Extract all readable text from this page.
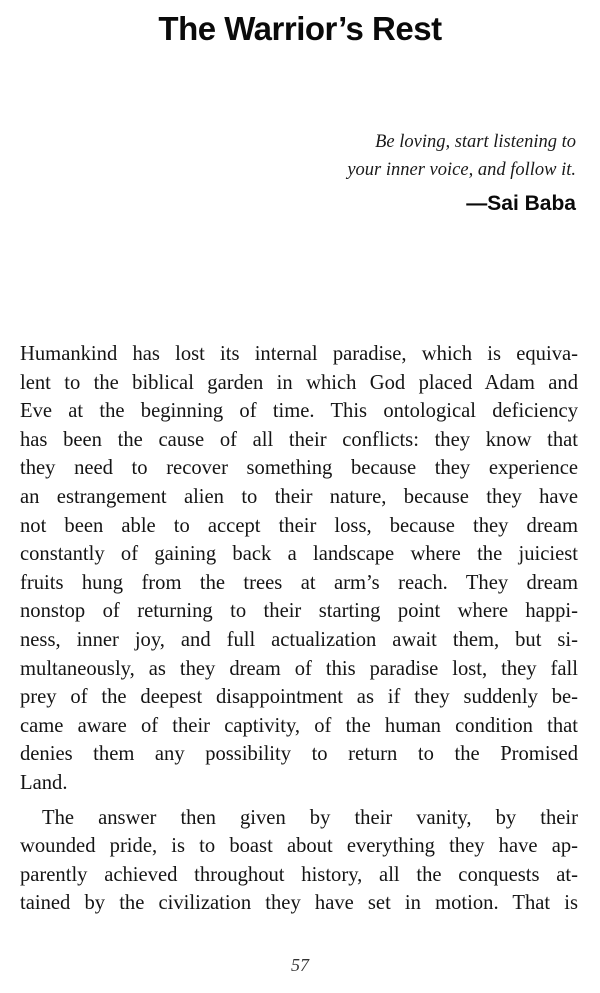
The Warrior’s Rest
Be loving, start listening to
your inner voice, and follow it.
—Sai Baba
Humankind has lost its internal paradise, which is equiva-
lent to the biblical garden in which God placed Adam and
Eve at the beginning of time. This ontological deficiency
has been the cause of all their conflicts: they know that
they need to recover something because they experience
an estrangement alien to their nature, because they have
not been able to accept their loss, because they dream
constantly of gaining back a landscape where the juiciest
fruits hung from the trees at arm’s reach. They dream
nonstop of returning to their starting point where happi-
ness, inner joy, and full actualization await them, but si-
multaneously, as they dream of this paradise lost, they fall
prey of the deepest disappointment as if they suddenly be-
came aware of their captivity, of the human condition that
denies them any possibility to return to the Promised
Land.
The answer then given by their vanity, by their
wounded pride, is to boast about everything they have ap-
parently achieved throughout history, all the conquests at-
tained by the civilization they have set in motion. That is
57
